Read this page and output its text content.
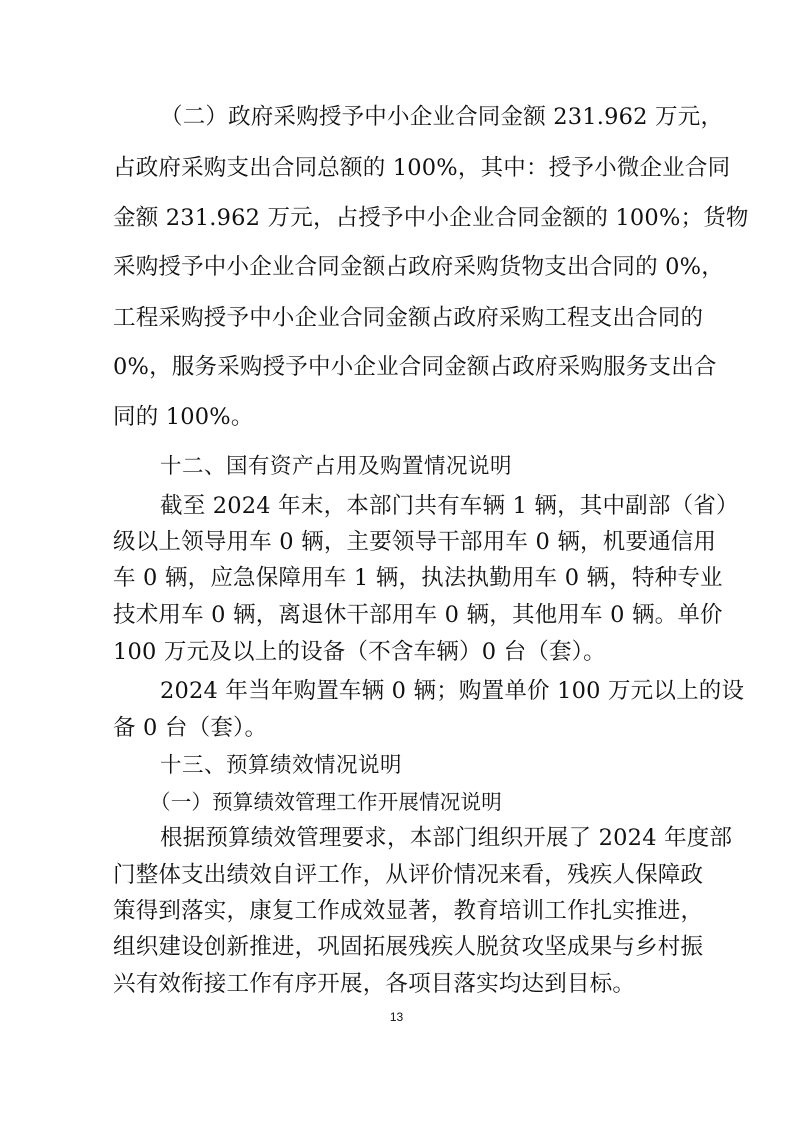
（二）政府采购授予中小企业合同金额 231.962 万元，
占政府采购支出合同总额的 100%，其中：授予小微企业合同
金额 231.962 万元，占授予中小企业合同金额的 100%；货物
采购授予中小企业合同金额占政府采购货物支出合同的 0%，
工程采购授予中小企业合同金额占政府采购工程支出合同的
0%，服务采购授予中小企业合同金额占政府采购服务支出合
同的 100%。
十二、国有资产占用及购置情况说明
截至 2024 年末，本部门共有车辆 1 辆，其中副部（省）
级以上领导用车 0 辆，主要领导干部用车 0 辆，机要通信用
车 0 辆，应急保障用车 1 辆，执法执勤用车 0 辆，特种专业
技术用车 0 辆，离退休干部用车 0 辆，其他用车 0 辆。单价
100 万元及以上的设备（不含车辆）0 台（套）。
2024 年当年购置车辆 0 辆；购置单价 100 万元以上的设
备 0 台（套）。
十三、预算绩效情况说明
（一）预算绩效管理工作开展情况说明
根据预算绩效管理要求，本部门组织开展了 2024 年度部
门整体支出绩效自评工作，从评价情况来看，残疾人保障政
策得到落实，康复工作成效显著，教育培训工作扎实推进，
组织建设创新推进，巩固拓展残疾人脱贫攻坚成果与乡村振
兴有效衔接工作有序开展，各项目落实均达到目标。
13
